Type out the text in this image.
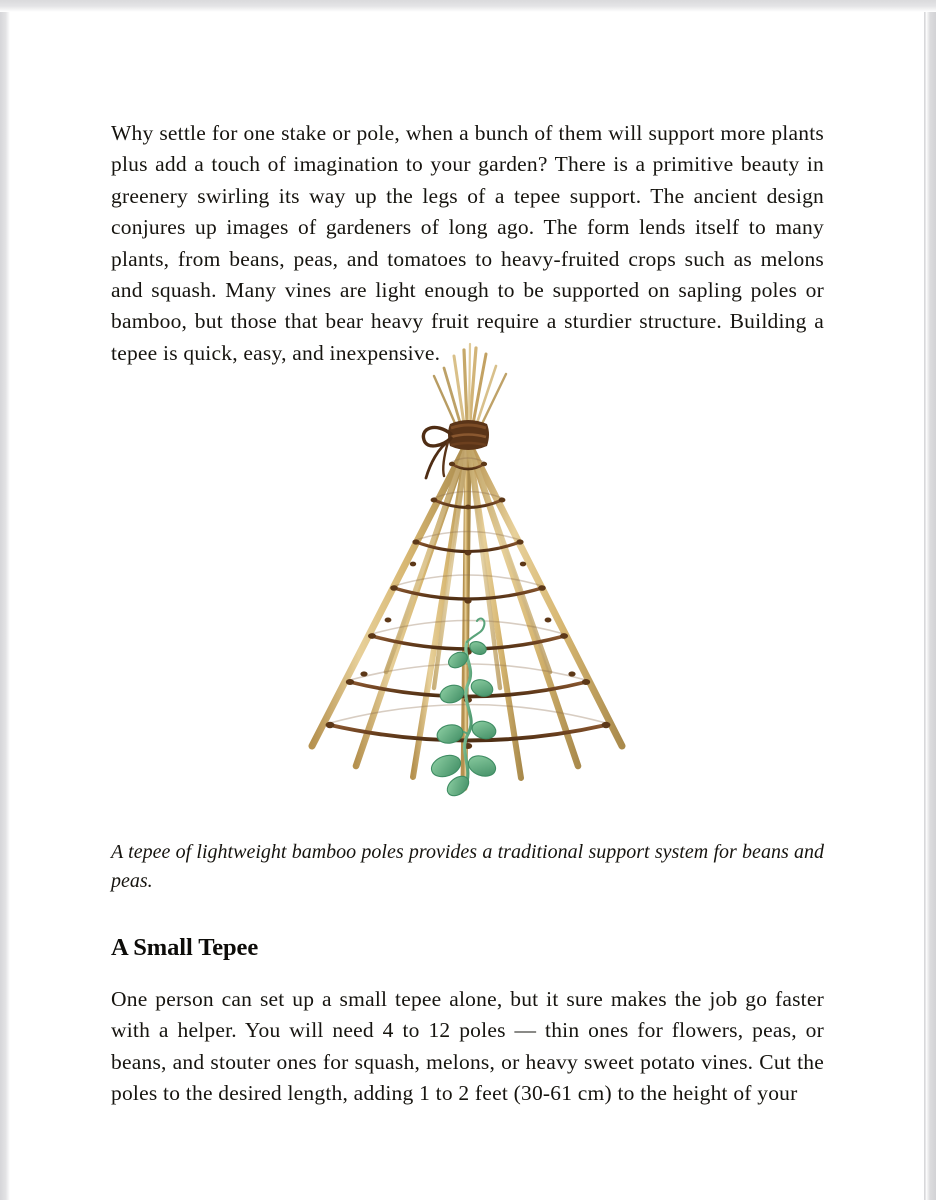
Why settle for one stake or pole, when a bunch of them will support more plants plus add a touch of imagination to your garden? There is a primitive beauty in greenery swirling its way up the legs of a tepee support. The ancient design conjures up images of gardeners of long ago. The form lends itself to many plants, from beans, peas, and tomatoes to heavy-fruited crops such as melons and squash. Many vines are light enough to be supported on sapling poles or bamboo, but those that bear heavy fruit require a sturdier structure. Building a tepee is quick, easy, and inexpensive.

A tepee of lightweight bamboo poles provides a traditional support system for beans and peas.

A Small Tepee

One person can set up a small tepee alone, but it sure makes the job go faster with a helper. You will need 4 to 12 poles — thin ones for flowers, peas, or beans, and stouter ones for squash, melons, or heavy sweet potato vines. Cut the poles to the desired length, adding 1 to 2 feet (30-61 cm) to the height of your
